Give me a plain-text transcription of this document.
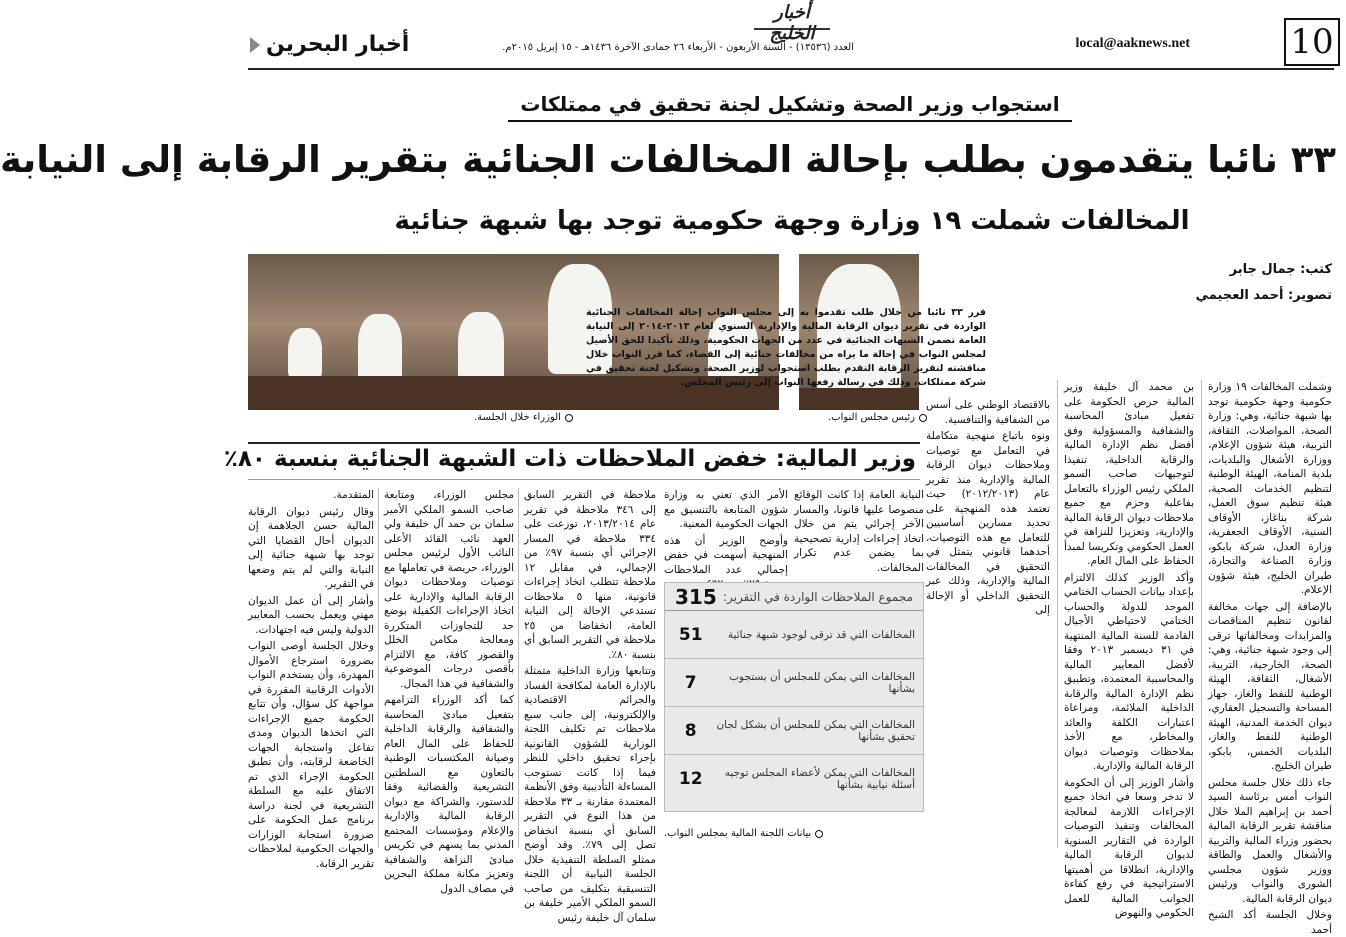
10
local@aaknews.net
أخبار الخليج
العدد (١٣٥٣٦) - السنة الأربعون - الأربعاء ٢٦ جمادى الآخرة ١٤٣٦هـ - ١٥ إبريل ٢٠١٥م.
أخبار البحرين
استجواب وزير الصحة وتشكيل لجنة تحقيق في ممتلكات
٣٣ نائبا يتقدمون بطلب بإحالة المخالفات الجنائية بتقرير الرقابة إلى النيابة
المخالفات شملت ١٩ وزارة وجهة حكومية توجد بها شبهة جنائية
الوزراء خلال الجلسة.	رئيس مجلس النواب.
كتب: جمال جابر
تصوير: أحمد العجيمي
قرر ٣٣ نائبا من خلال طلب تقدموا به إلى مجلس النواب إحالة المخالفات الجنائية الواردة في تقرير ديوان الرقابة المالية والإدارية السنوي لعام ٢٠١٣-٢٠١٤ إلى النيابة العامة تضمن الشبهات الجنائية في عدد من الجهات الحكومية، وذلك تأكيدا للحق الأصيل لمجلس النواب في إحالة ما يراه من مخالفات جنائية إلى القضاء، كما قرر النواب خلال مناقشته لتقرير الرقابة التقدم بطلب استجواب لوزير الصحة، وتشكيل لجنة تحقيق في شركة ممتلكات، وذلك في رسالة رفعها النواب إلى رئيس المجلس.	وشملت المخالفات ١٩ وزارة حكومية وجهة حكومية توجد بها شبهة جنائية، وهي: وزارة الصحة، المواصلات، الثقافة، التربية، هيئة شؤون الإعلام، ووزارة الأشغال والبلديات، بلدية المنامة، الهيئة الوطنية لتنظيم الخدمات الصحية، هيئة تنظيم سوق العمل، شركة بناغاز، الأوقاف السنية، الأوقاف الجعفرية، وزارة العدل، شركة بابكو، وزارة الصناعة والتجارة، طيران الخليج، هيئة شؤون الإعلام.

بالإضافة إلى جهات مخالفة لقانون تنظيم المناقصات والمزايدات ومخالفاتها ترقى إلى وجود شبهة جنائية، وهي: الصحة، الخارجية، التربية، الأشغال، الثقافة، الهيئة الوطنية للنفط والغاز، جهاز المساحة والتسجيل العقاري، ديوان الخدمة المدنية، الهيئة الوطنية للنفط والغاز، البلديات الخمس، بابكو، طيران الخليج.

جاء ذلك خلال جلسة مجلس النواب أمس برئاسة السيد أحمد بن إبراهيم الملا خلال مناقشة تقرير الرقابة المالية بحضور وزراء المالية والتربية والأشغال والعمل والطاقة ووزير شؤون مجلسي الشورى والنواب ورئيس ديوان الرقابة المالية.

وخلال الجلسة أكد الشيخ أحمد

بن محمد آل خليفة وزير المالية حرص الحكومة على تفعيل مبادئ المحاسبة والشفافية والمسؤولية وفق أفضل نظم الإدارة المالية والرقابة الداخلية، تنفيذا لتوجيهات صاحب السمو الملكي رئيس الوزراء بالتعامل بفاعلية وحزم مع جميع ملاحظات ديوان الرقابة المالية والإدارية، وتعزيزا للنزاهة في العمل الحكومي وتكريسا لمبدأ الحفاظ على المال العام.

وأكد الوزير كذلك الالتزام بإعداد بيانات الحساب الختامي الموحد للدولة والحساب الختامي لاحتياطي الأجيال القادمة للسنة المالية المنتهية في ٣١ ديسمبر ٢٠١٣ وفقا لأفضل المعايير المالية والمحاسبية المعتمدة، وتطبيق نظم الإدارة المالية والرقابة الداخلية الملائمة، ومراعاة اعتبارات الكلفة والعائد والمخاطر، مع الأخذ بملاحظات وتوصيات ديوان الرقابة المالية والإدارية.

وأشار الوزير إلى أن الحكومة لا تدخر وسعا في اتخاذ جميع الإجراءات اللازمة لمعالجة المخالفات وتنفيذ التوصيات الواردة في التقارير السنوية لديوان الرقابة المالية والإدارية، انطلاقا من أهميتها الاستراتيجية في رفع كفاءة الجوانب المالية للعمل الحكومي والنهوض

بالاقتصاد الوطني على أسس من الشفافية والتنافسية.

ونوه باتباع منهجية متكاملة في التعامل مع توصيات وملاحظات ديوان الرقابة المالية والإدارية منذ تقرير عام (٢٠١٢/٢٠١٣) حيث تعتمد هذه المنهجية على تحديد مسارين أساسيين للتعامل مع هذه التوصيات، أحدهما قانوني يتمثل في التحقيق في المخالفات المالية والإدارية، وذلك عبر التحقيق الداخلي أو الإحالة إلى

وزير المالية: خفض الملاحظات ذات الشبهة الجنائية بنسبة ٨٠٪

النيابة العامة إذا كانت الوقائع منصوصا عليها قانونا، والمسار الآخر إجرائي يتم من خلال اتخاذ إجراءات إدارية تصحيحية بما يضمن عدم تكرار المخالفات.

الأمر الذي تعني به وزارة شؤون المتابعة بالتنسيق مع الجهات الحكومية المعنية.

وأوضح الوزير أن هذه المنهجية أسهمت في خفض إجمالي عدد الملاحظات

مجموع الملاحظات الواردة في التقرير:
315
المخالفات التي قد ترقى لوجود شبهة جنائية
51
المخالفات التي يمكن للمجلس أن يستجوب بشأنها
7
المخالفات التي يمكن للمجلس أن يشكل لجان تحقيق بشأنها
8
المخالفات التي يمكن لأعضاء المجلس توجيه أسئلة نيابية بشأنها
12
بيانات اللجنة المالية بمجلس النواب.

ملاحظة في التقرير السابق إلى ٣٤٦ ملاحظة في تقرير عام ٢٠١٣/٢٠١٤، توزعت على ٣٣٤ ملاحظة في المسار الإجرائي أي بنسبة ٩٧٪ من الإجمالي، في مقابل ١٢ ملاحظة تتطلب اتخاذ إجراءات قانونية، منها ٥ ملاحظات تستدعي الإحالة إلى النيابة العامة، انخفاضا من ٢٥ ملاحظة في التقرير السابق أي بنسبة ٨٠٪.

وتتابعها وزارة الداخلية متمثلة بالإدارة العامة لمكافحة الفساد والجرائم الاقتصادية والإلكترونية، إلى جانب سبع ملاحظات تم تكليف اللجنة الوزارية للشؤون القانونية بإجراء تحقيق داخلي للنظر فيما إذا كانت تستوجب المساءلة التأديبية وفق الأنظمة المعتمدة مقارنة بـ ٣٣ ملاحظة من هذا النوع في التقرير السابق أي بنسبة انخفاض تصل إلى ٧٩٪. وقد أوضح ممثلو السلطة التنفيذية خلال الجلسة النيابية أن اللجنة التنسيقية بتكليف من صاحب السمو الملكي الأمير خليفة بن سلمان آل خليفة رئيس

مجلس الوزراء، ومتابعة صاحب السمو الملكي الأمير سلمان بن حمد آل خليفة ولي العهد نائب القائد الأعلى النائب الأول لرئيس مجلس الوزراء، حريصة في تعاملها مع توصيات وملاحظات ديوان الرقابة المالية والإدارية على اتخاذ الإجراءات الكفيلة بوضع حد للتجاوزات المتكررة ومعالجة مكامن الخلل والقصور كافة، مع الالتزام بأقصى درجات الموضوعية والشفافية في هذا المجال.

كما أكد الوزراء التزامهم بتفعيل مبادئ المحاسبة والشفافية والرقابة الداخلية للحفاظ على المال العام وصيانة المكتسبات الوطنية بالتعاون مع السلطتين التشريعية والقضائية وفقا للدستور، والشراكة مع ديوان الرقابة المالية والإدارية والإعلام ومؤسسات المجتمع المدني بما يسهم في تكريس مبادئ النزاهة والشفافية وتعزيز مكانة مملكة البحرين في مصاف الدول

المتقدمة.

وقال رئيس ديوان الرقابة المالية حسن الجلاهمة إن الديوان أحال القضايا التي توجد بها شبهة جنائية إلى النيابة والتي لم يتم وضعها في التقرير.

وأشار إلى أن عمل الديوان مهني ويعمل بحسب المعايير الدولية وليس فيه اجتهادات.

وخلال الجلسة أوصى النواب بضرورة استرجاع الأموال المهدرة، وأن يستخدم النواب الأدوات الرقابية المقررة في مواجهة كل سؤال، وأن تتابع الحكومة جميع الإجراءات التي اتخذها الديوان ومدى تفاعل واستجابة الجهات الخاضعة لرقابته، وأن تطبق الحكومة الإجراء الذي تم الاتفاق عليه مع السلطة التشريعية في لجنة دراسة برنامج عمل الحكومة على ضرورة استجابة الوزارات والجهات الحكومية لملاحظات تقرير الرقابة.
